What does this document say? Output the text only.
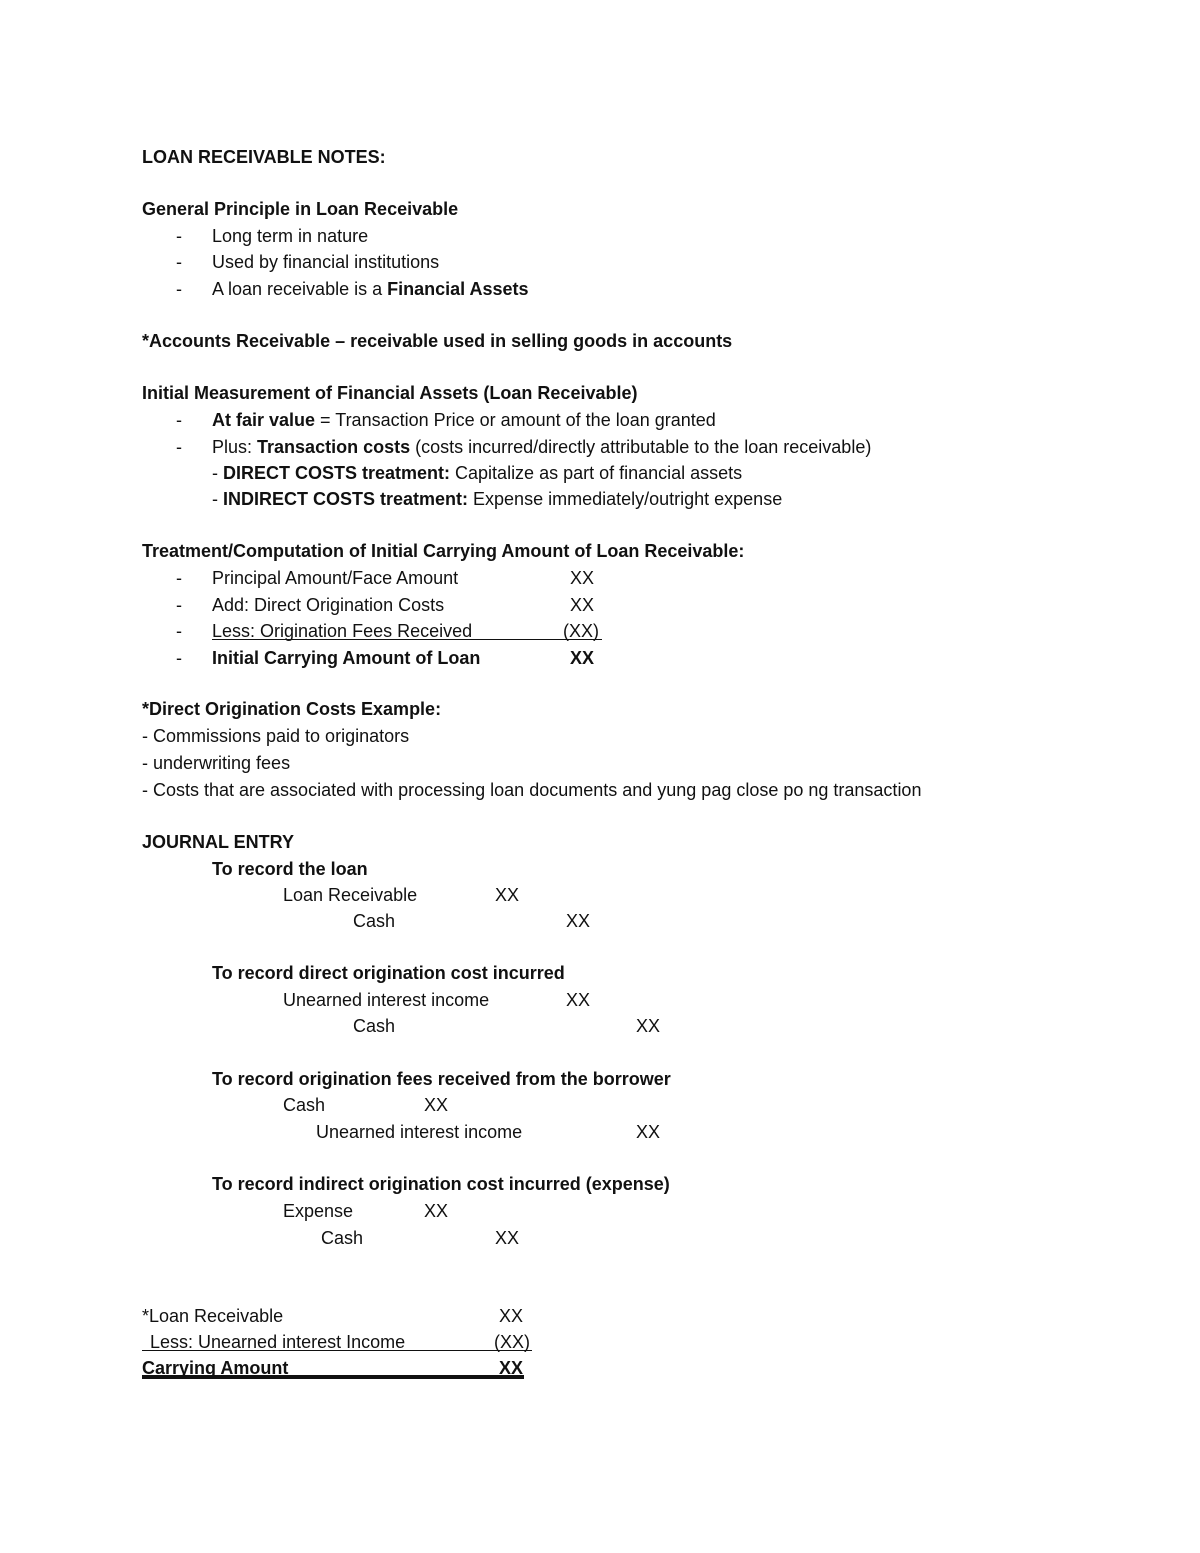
LOAN RECEIVABLE NOTES:
General Principle in Loan Receivable
- Long term in nature
- Used by financial institutions
- A loan receivable is a Financial Assets
*Accounts Receivable – receivable used in selling goods in accounts
Initial Measurement of Financial Assets (Loan Receivable)
- At fair value = Transaction Price or amount of the loan granted
- Plus: Transaction costs (costs incurred/directly attributable to the loan receivable)
- DIRECT COSTS treatment: Capitalize as part of financial assets
- INDIRECT COSTS treatment: Expense immediately/outright expense
Treatment/Computation of Initial Carrying Amount of Loan Receivable:
- Principal Amount/Face Amount	XX
- Add: Direct Origination Costs	XX
- Less: Origination Fees Received	(XX)
- Initial Carrying Amount of Loan	XX
*Direct Origination Costs Example:
- Commissions paid to originators
- underwriting fees
- Costs that are associated with processing loan documents and yung pag close po ng transaction
JOURNAL ENTRY
To record the loan
Loan Receivable	XX
Cash	XX
To record direct origination cost incurred
Unearned interest income	XX
Cash	XX
To record origination fees received from the borrower
Cash	XX
Unearned interest income	XX
To record indirect origination cost incurred (expense)
Expense	XX
Cash	XX
*Loan Receivable	XX
Less: Unearned interest Income	(XX)
Carrying Amount	XX
